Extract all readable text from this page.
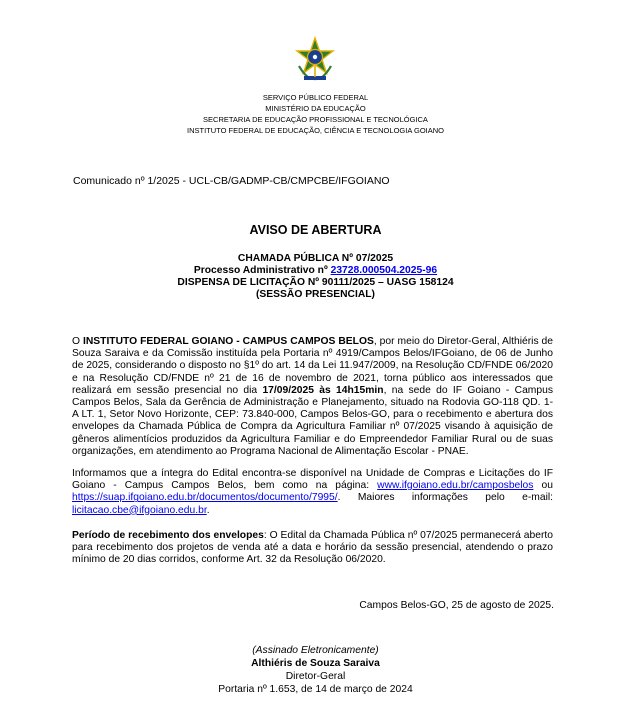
SERVIÇO PÚBLICO FEDERAL
MINISTÉRIO DA EDUCAÇÃO
SECRETARIA DE EDUCAÇÃO PROFISSIONAL E TECNOLÓGICA
INSTITUTO FEDERAL DE EDUCAÇÃO, CIÊNCIA E TECNOLOGIA GOIANO
Comunicado nº 1/2025 - UCL-CB/GADMP-CB/CMPCBE/IFGOIANO
AVISO DE ABERTURA
CHAMADA PÚBLICA Nº 07/2025
Processo Administrativo nº 23728.000504.2025-96
DISPENSA DE LICITAÇÃO Nº 90111/2025 – UASG 158124
(SESSÃO PRESENCIAL)

O INSTITUTO FEDERAL GOIANO - CAMPUS CAMPOS BELOS, por meio do Diretor-Geral, Althiéris de Souza Saraiva e da Comissão instituída pela Portaria nº 4919/Campos Belos/IFGoiano, de 06 de Junho de 2025, considerando o disposto no §1º do art. 14 da Lei 11.947/2009, na Resolução CD/FNDE 06/2020 e na Resolução CD/FNDE nº 21 de 16 de novembro de 2021, torna público aos interessados que realizará em sessão presencial no dia 17/09/2025 às 14h15min, na sede do IF Goiano - Campus Campos Belos, Sala da Gerência de Administração e Planejamento, situado na Rodovia GO-118 QD. 1-A LT. 1, Setor Novo Horizonte, CEP: 73.840-000, Campos Belos-GO, para o recebimento e abertura dos envelopes da Chamada Pública de Compra da Agricultura Familiar nº 07/2025 visando à aquisição de gêneros alimentícios produzidos da Agricultura Familiar e do Empreendedor Familiar Rural ou de suas organizações, em atendimento ao Programa Nacional de Alimentação Escolar - PNAE.

Informamos que a íntegra do Edital encontra-se disponível na Unidade de Compras e Licitações do IF Goiano - Campus Campos Belos, bem como na página: www.ifgoiano.edu.br/camposbelos ou https://suap.ifgoiano.edu.br/documentos/documento/7995/. Maiores informações pelo e-mail: licitacao.cbe@ifgoiano.edu.br.

Período de recebimento dos envelopes: O Edital da Chamada Pública nº 07/2025 permanecerá aberto para recebimento dos projetos de venda até a data e horário da sessão presencial, atendendo o prazo mínimo de 20 dias corridos, conforme Art. 32 da Resolução 06/2020.

Campos Belos-GO, 25 de agosto de 2025.
(Assinado Eletronicamente)
Althiéris de Souza Saraiva
Diretor-Geral
Portaria nº 1.653, de 14 de março de 2024
